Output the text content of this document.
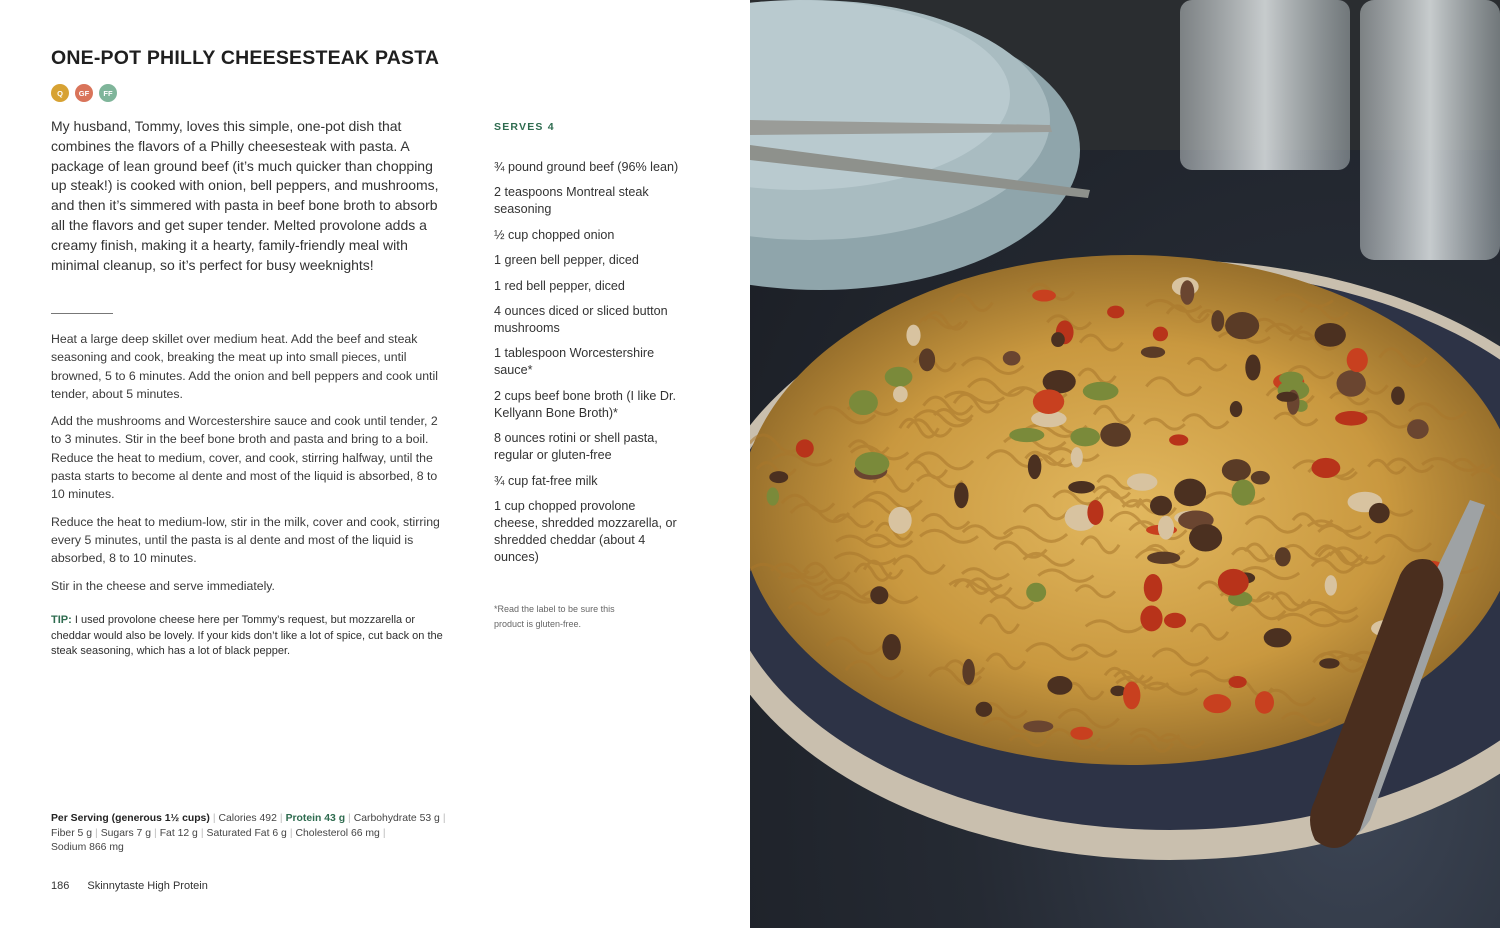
ONE-POT PHILLY CHEESESTEAK PASTA
Q	GF	FF

My husband, Tommy, loves this simple, one-pot dish that combines the flavors of a Philly cheesesteak with pasta. A package of lean ground beef (it’s much quicker than chopping up steak!) is cooked with onion, bell peppers, and mushrooms, and then it’s simmered with pasta in beef bone broth to absorb all the flavors and get super tender. Melted provolone adds a creamy finish, making it a hearty, family-friendly meal with minimal cleanup, so it’s perfect for busy weeknights!

Heat a large deep skillet over medium heat. Add the beef and steak seasoning and cook, breaking the meat up into small pieces, until browned, 5 to 6 minutes. Add the onion and bell peppers and cook until tender, about 5 minutes.

Add the mushrooms and Worcestershire sauce and cook until tender, 2 to 3 minutes. Stir in the beef bone broth and pasta and bring to a boil. Reduce the heat to medium, cover, and cook, stirring halfway, until the pasta starts to become al dente and most of the liquid is absorbed, 8 to 10 minutes.

Reduce the heat to medium-low, stir in the milk, cover and cook, stirring every 5 minutes, until the pasta is al dente and most of the liquid is absorbed, 8 to 10 minutes.

Stir in the cheese and serve immediately.

TIP: I used provolone cheese here per Tommy’s request, but mozzarella or cheddar would also be lovely. If your kids don’t like a lot of spice, cut back on the steak seasoning, which has a lot of black pepper.

SERVES 4

¾ pound ground beef (96% lean)
2 teaspoons Montreal steak seasoning
½ cup chopped onion
1 green bell pepper, diced
1 red bell pepper, diced
4 ounces diced or sliced button mushrooms
1 tablespoon Worcestershire sauce*
2 cups beef bone broth (I like Dr. Kellyann Bone Broth)*
8 ounces rotini or shell pasta, regular or gluten-free
¾ cup fat-free milk
1 cup chopped provolone cheese, shredded mozzarella, or shredded cheddar (about 4 ounces)

*Read the label to be sure this product is gluten-free.

Per Serving (generous 1½ cups) | Calories 492 | Protein 43 g | Carbohydrate 53 g |
Fiber 5 g | Sugars 7 g | Fat 12 g | Saturated Fat 6 g | Cholesterol 66 mg |
Sodium 866 mg

186 Skinnytaste High Protein
